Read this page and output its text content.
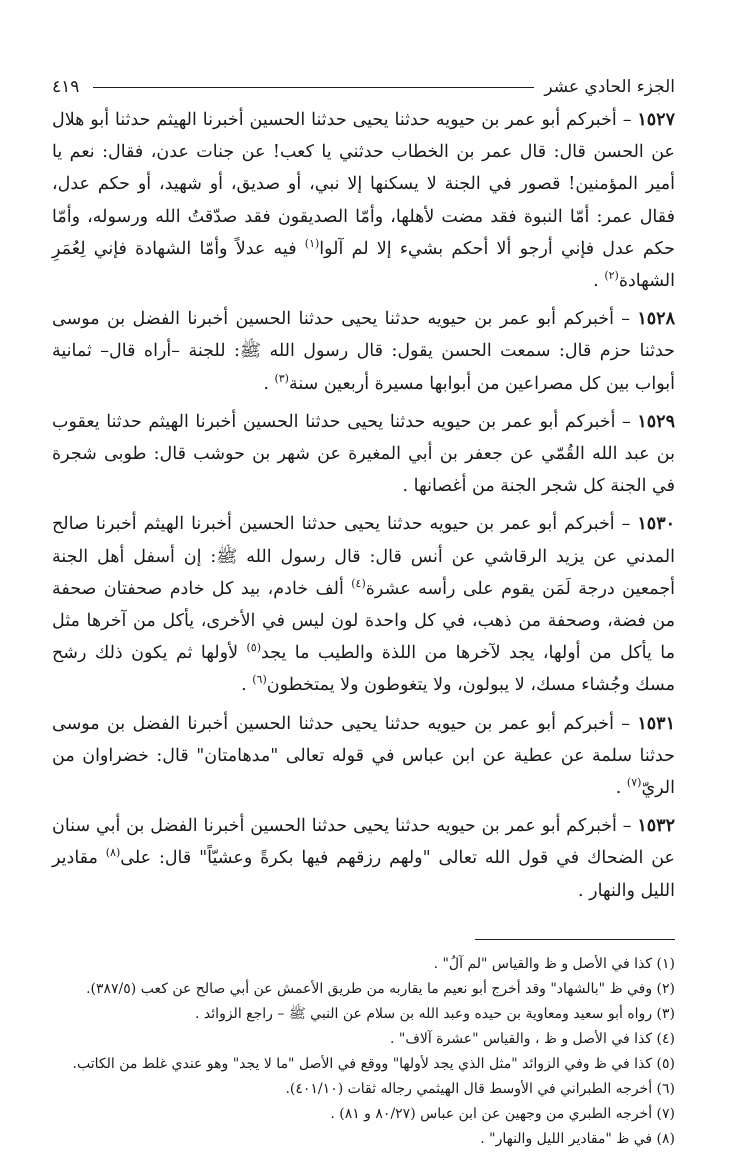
الجزء الحادي عشر
٤١٩

١٥٢٧ – أخبركم أبو عمر بن حيويه حدثنا يحيى حدثنا الحسين أخبرنا الهيثم حدثنا أبو هلال عن الحسن قال: قال عمر بن الخطاب حدثني يا كعب! عن جنات عدن، فقال: نعم يا أمير المؤمنين! قصور في الجنة لا يسكنها إلا نبي، أو صديق، أو شهيد، أو حكم عدل، فقال عمر: أمّا النبوة فقد مضت لأهلها، وأمّا الصديقون فقد صدّقتُ الله ورسوله، وأمّا حكم عدل فإني أرجو ألا أحكم بشيء إلا لم آلوا$^{(١)}$ فيه عدلاً وأمّا الشهادة فإني لِعُمَرِ الشهادة$^{(٢)}$ .

١٥٢٨ – أخبركم أبو عمر بن حيويه حدثنا يحيى حدثنا الحسين أخبرنا الفضل بن موسى حدثنا حزم قال: سمعت الحسن يقول: قال رسول الله ﷺ: للجنة –أراه قال– ثمانية أبواب بين كل مصراعين من أبوابها مسيرة أربعين سنة$^{(٣)}$ .

١٥٢٩ – أخبركم أبو عمر بن حيويه حدثنا يحيى حدثنا الحسين أخبرنا الهيثم حدثنا يعقوب بن عبد الله القُمّي عن جعفر بن أبي المغيرة عن شهر بن حوشب قال: طوبى شجرة في الجنة كل شجر الجنة من أغصانها .

١٥٣٠ – أخبركم أبو عمر بن حيويه حدثنا يحيى حدثنا الحسين أخبرنا الهيثم أخبرنا صالح المدني عن يزيد الرقاشي عن أنس قال: قال رسول الله ﷺ: إن أسفل أهل الجنة أجمعين درجة لَمَن يقوم على رأسه عشرة$^{(٤)}$ ألف خادم، بيد كل خادم صحفتان صحفة من فضة، وصحفة من ذهب، في كل واحدة لون ليس في الأخرى، يأكل من آخرها مثل ما يأكل من أولها، يجد لآخرها من اللذة والطيب ما يجد$^{(٥)}$ لأولها ثم يكون ذلك رشح مسك وجُشاء مسك، لا يبولون، ولا يتغوطون ولا يمتخطون$^{(٦)}$ .

١٥٣١ – أخبركم أبو عمر بن حيويه حدثنا يحيى حدثنا الحسين أخبرنا الفضل بن موسى حدثنا سلمة عن عطية عن ابن عباس في قوله تعالى "مدهامتان" قال: خضراوان من الريّ$^{(٧)}$ .

١٥٣٢ – أخبركم أبو عمر بن حيويه حدثنا يحيى حدثنا الحسين أخبرنا الفضل بن أبي سنان عن الضحاك في قول الله تعالى "ولهم رزقهم فيها بكرةً وعشيّاً" قال: على$^{(٨)}$ مقادير الليل والنهار .

(١) كذا في الأصل و ظ والقياس "لم آلُ" .
(٢) وفي ظ "بالشهاد" وقد أخرج أبو نعيم ما يقاربه من طريق الأعمش عن أبي صالح عن كعب (٣٨٧/٥).
(٣) رواه أبو سعيد ومعاوية بن حيده وعبد الله بن سلام عن النبي ﷺ – راجع الزوائد .
(٤) كذا في الأصل و ظ ، والقياس "عشرة آلاف" .
(٥) كذا في ظ وفي الزوائد "مثل الذي يجد لأولها" ووقع في الأصل "ما لا يجد" وهو عندي غلط من الكاتب.
(٦) أخرجه الطبراني في الأوسط قال الهيثمي رجاله ثقات (٤٠١/١٠).
(٧) أخرجه الطبري من وجهين عن ابن عباس (٨٠/٢٧ و ٨١) .
(٨) في ظ "مقادير الليل والنهار" .
